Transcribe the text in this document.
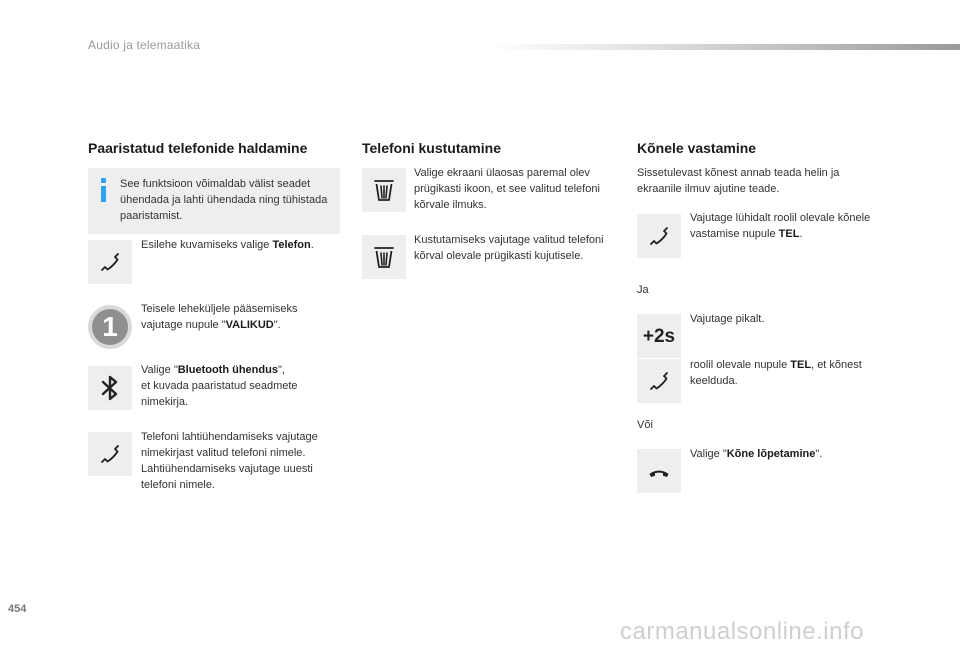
Audio ja telemaatika
Paaristatud telefonide haldamine
See funktsioon võimaldab välist seadet ühendada ja lahti ühendada ning tühistada paaristamist.
Esilehe kuvamiseks valige Telefon.
1
Teisele leheküljele pääsemiseks vajutage nupule "VALIKUD".
Valige "Bluetooth ühendus",
et kuvada paaristatud seadmete nimekirja.
Telefoni lahtiühendamiseks vajutage nimekirjast valitud telefoni nimele. Lahtiühendamiseks vajutage uuesti telefoni nimele.
Telefoni kustutamine
Valige ekraani ülaosas paremal olev prügikasti ikoon, et see valitud telefoni kõrvale ilmuks.
Kustutamiseks vajutage valitud telefoni kõrval olevale prügikasti kujutisele.
Kõnele vastamine
Sissetulevast kõnest annab teada helin ja ekraanile ilmuv ajutine teade.
Vajutage lühidalt roolil olevale kõnele vastamise nupule TEL.
Ja
+2s
Vajutage pikalt.
roolil olevale nupule TEL, et kõnest keelduda.
Või
Valige "Kõne lõpetamine".
454
carmanualsonline.info
